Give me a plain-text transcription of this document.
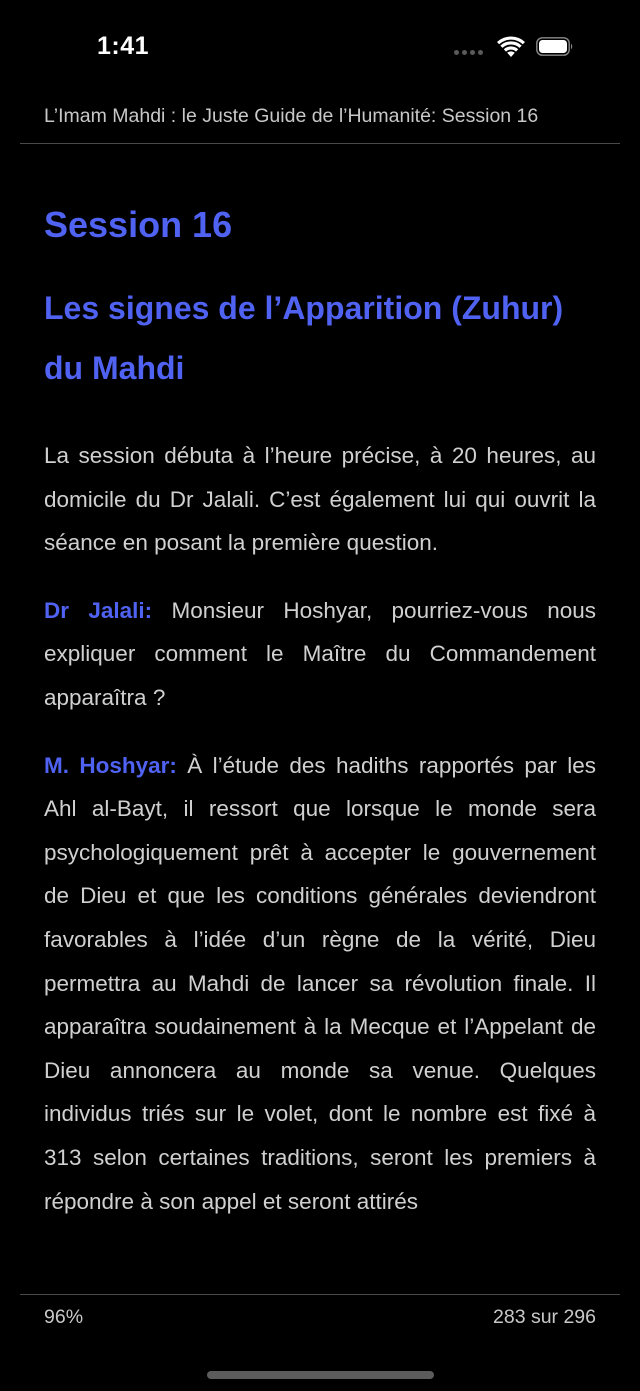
1:41
L’Imam Mahdi : le Juste Guide de l’Humanité: Session 16
Session 16
Les signes de l’Apparition (Zuhur) du Mahdi

La session débuta à l’heure précise, à 20 heures, au domicile du Dr Jalali. C’est également lui qui ouvrit la séance en posant la première question.

Dr Jalali: Monsieur Hoshyar, pourriez-vous nous expliquer comment le Maître du Commandement apparaîtra ?

M. Hoshyar: À l’étude des hadiths rapportés par les Ahl al-Bayt, il ressort que lorsque le monde sera psychologiquement prêt à accepter le gouvernement de Dieu et que les conditions générales deviendront favorables à l’idée d’un règne de la vérité, Dieu permettra au Mahdi de lancer sa révolution finale. Il apparaîtra soudainement à la Mecque et l’Appelant de Dieu annoncera au monde sa venue. Quelques individus triés sur le volet, dont le nombre est fixé à 313 selon certaines traditions, seront les premiers à répondre à son appel et seront attirés

96%	283 sur 296
